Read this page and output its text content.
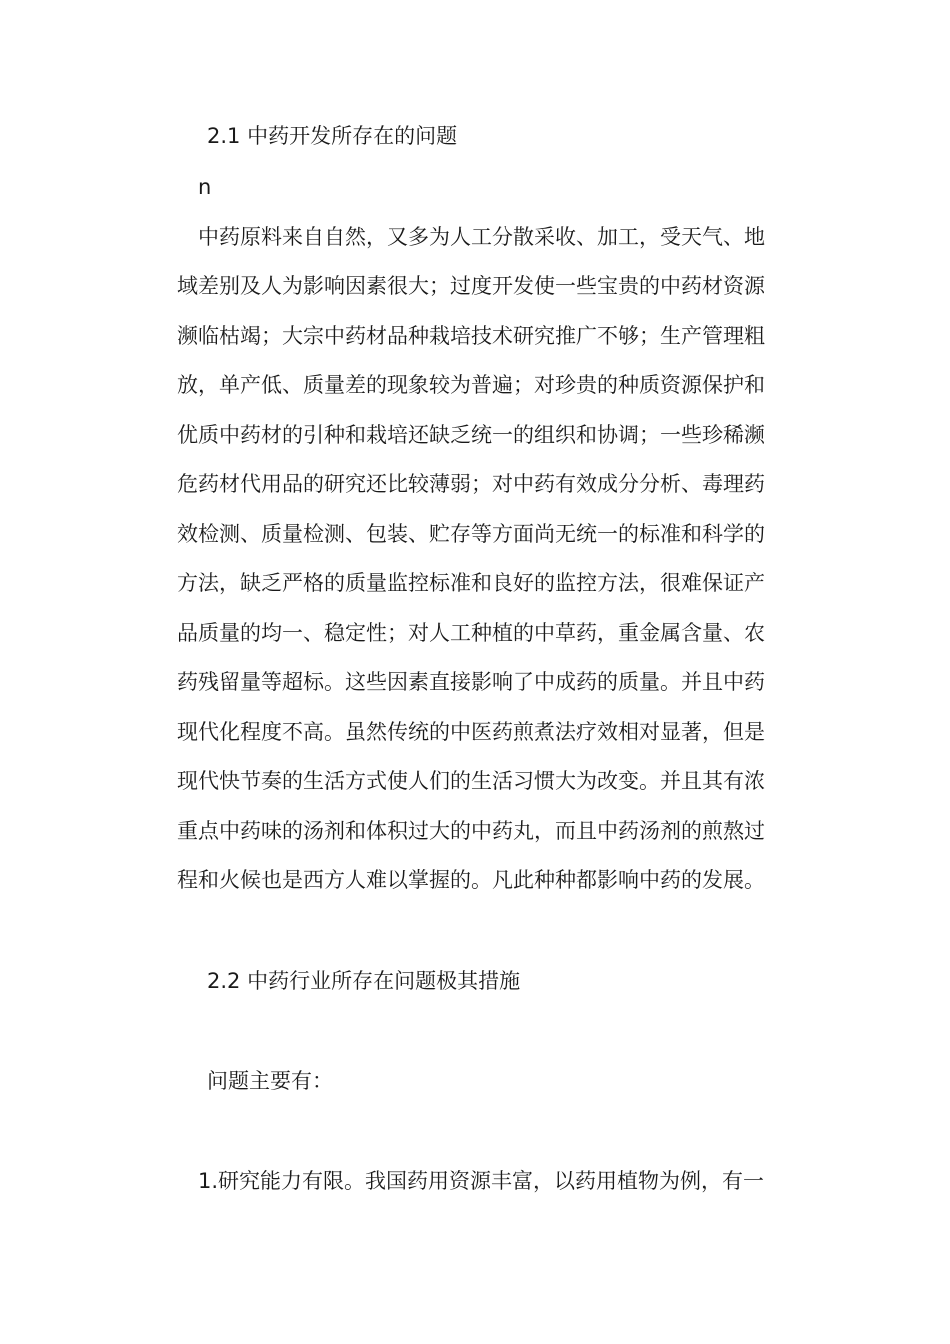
2.1 中药开发所存在的问题
n
中药原料来自自然，又多为人工分散采收、加工，受天气、地
域差别及人为影响因素很大；过度开发使一些宝贵的中药材资源
濒临枯竭；大宗中药材品种栽培技术研究推广不够；生产管理粗
放，单产低、质量差的现象较为普遍；对珍贵的种质资源保护和
优质中药材的引种和栽培还缺乏统一的组织和协调；一些珍稀濒
危药材代用品的研究还比较薄弱；对中药有效成分分析、毒理药
效检测、质量检测、包装、贮存等方面尚无统一的标准和科学的
方法，缺乏严格的质量监控标准和良好的监控方法，很难保证产
品质量的均一、稳定性；对人工种植的中草药，重金属含量、农
药残留量等超标。这些因素直接影响了中成药的质量。并且中药
现代化程度不高。虽然传统的中医药煎煮法疗效相对显著，但是
现代快节奏的生活方式使人们的生活习惯大为改变。并且其有浓
重点中药味的汤剂和体积过大的中药丸，而且中药汤剂的煎熬过
程和火候也是西方人难以掌握的。凡此种种都影响中药的发展。
2.2 中药行业所存在问题极其措施
问题主要有：
1.研究能力有限。我国药用资源丰富，以药用植物为例，有一
